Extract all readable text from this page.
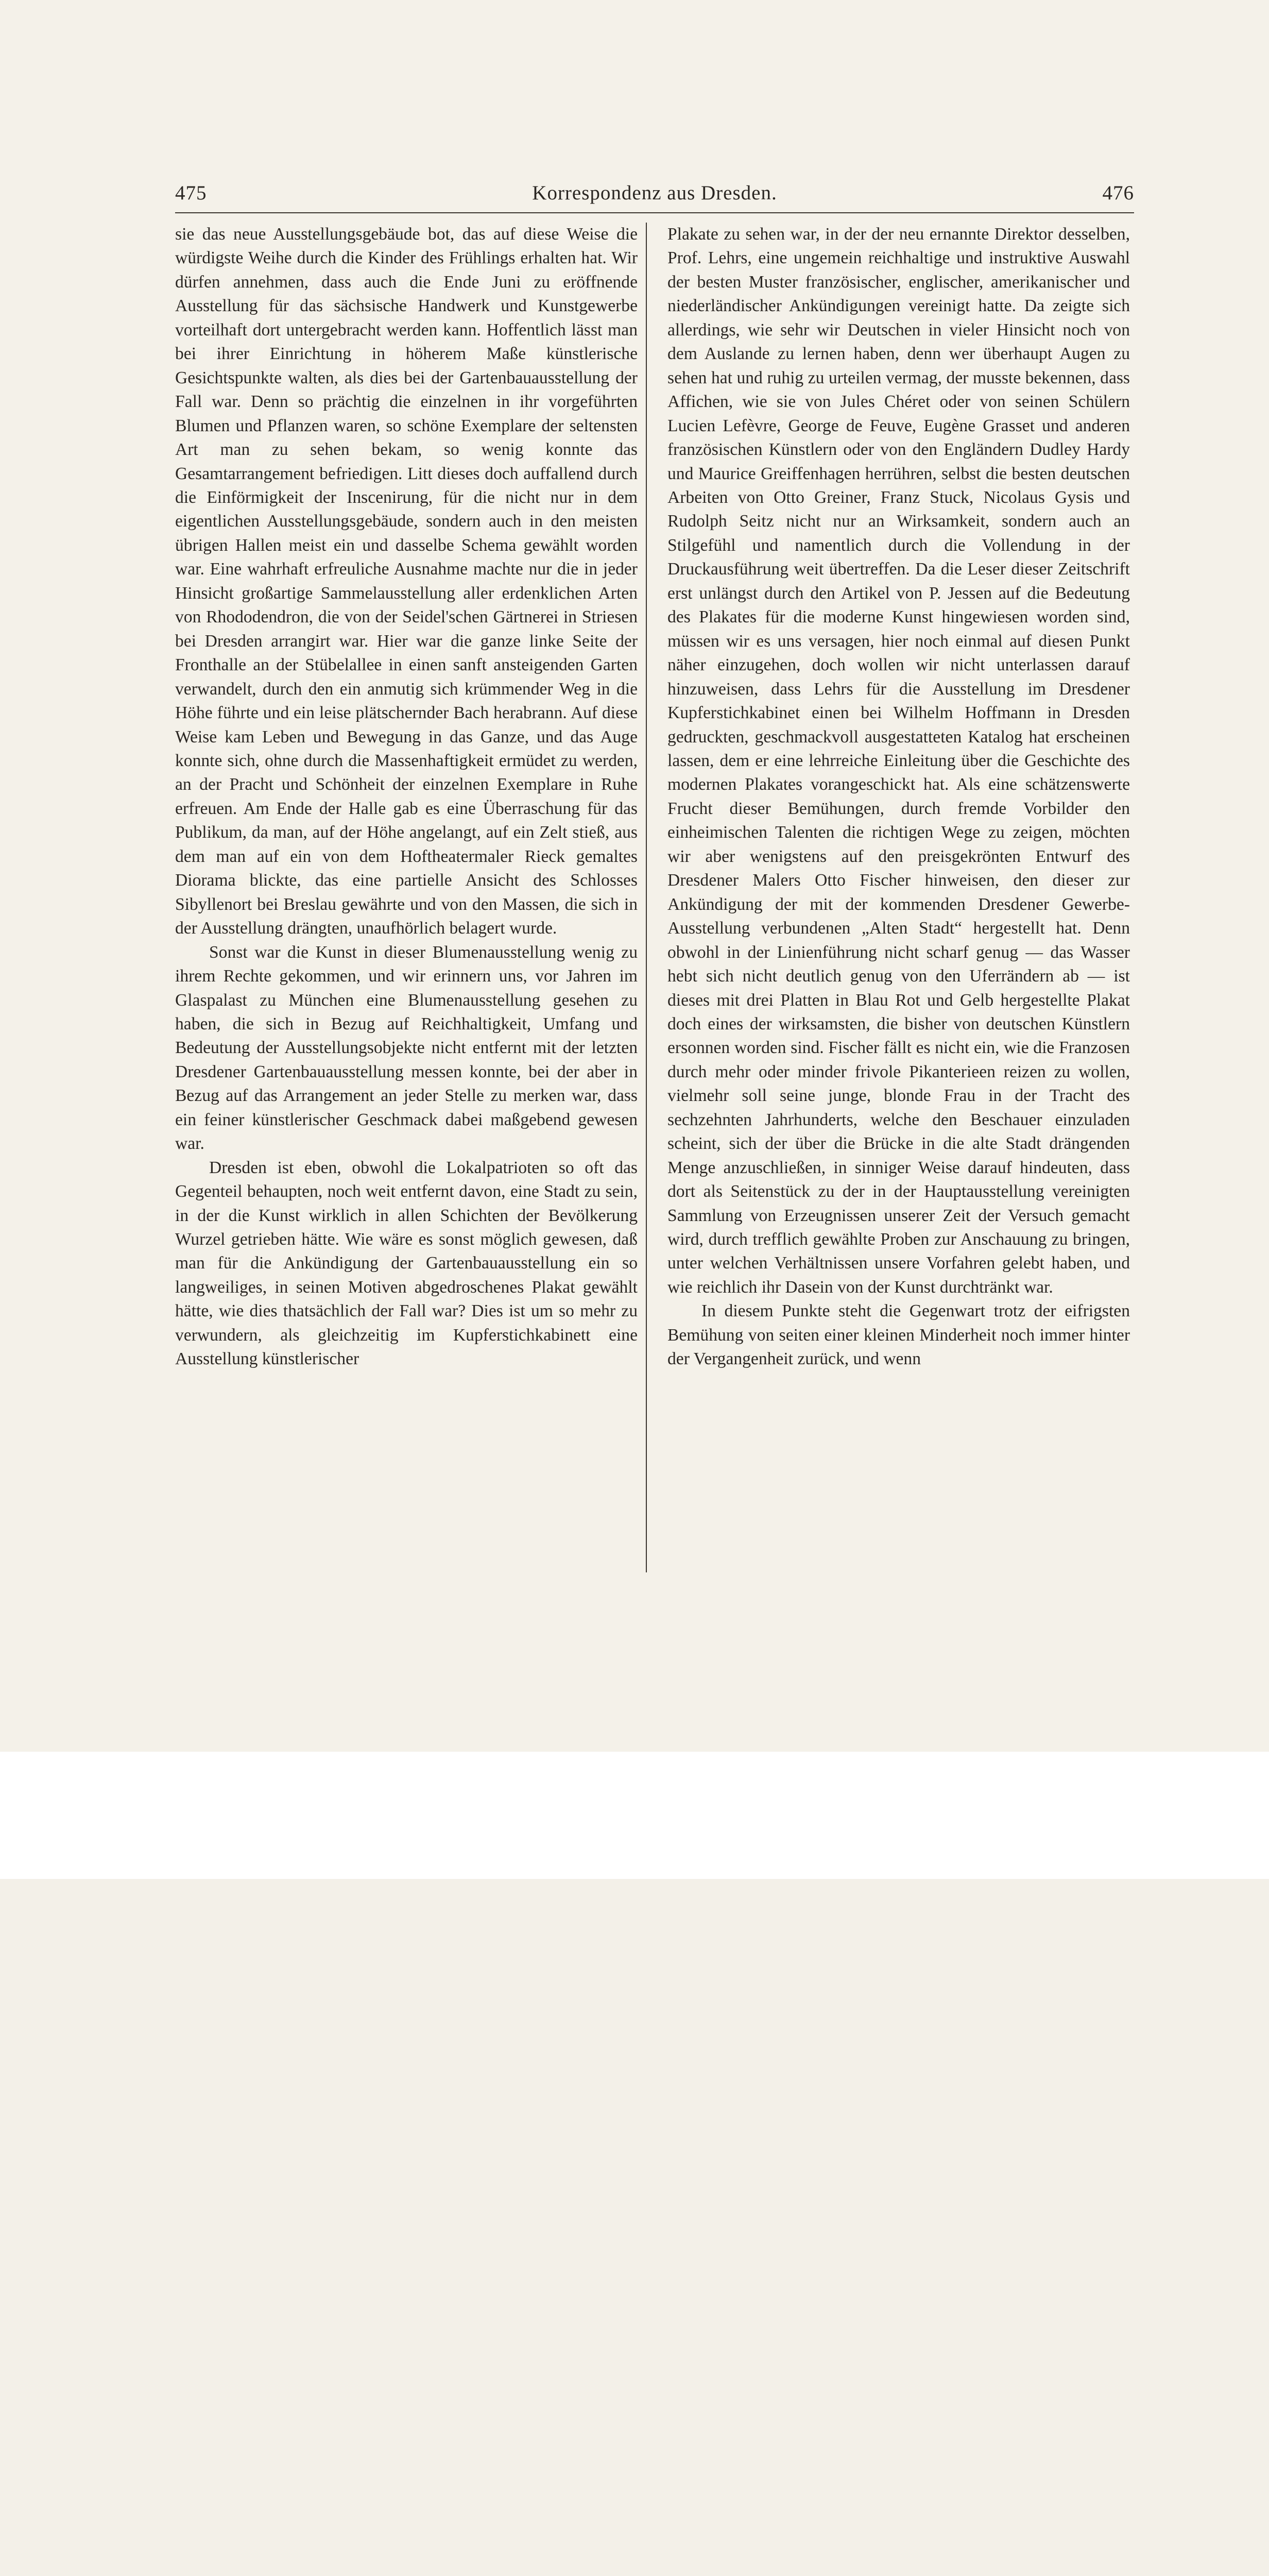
475	Korrespondenz aus Dresden.	476

sie das neue Ausstellungsgebäude bot, das auf diese Weise die würdigste Weihe durch die Kinder des Frühlings erhalten hat. Wir dürfen annehmen, dass auch die Ende Juni zu eröffnende Ausstellung für das sächsische Handwerk und Kunstgewerbe vorteilhaft dort untergebracht werden kann. Hoffentlich lässt man bei ihrer Einrichtung in höherem Maße künstlerische Gesichtspunkte walten, als dies bei der Gartenbauausstellung der Fall war. Denn so prächtig die einzelnen in ihr vorgeführten Blumen und Pflanzen waren, so schöne Exemplare der seltensten Art man zu sehen bekam, so wenig konnte das Gesamtarrangement befriedigen. Litt dieses doch auffallend durch die Einförmigkeit der Inscenirung, für die nicht nur in dem eigentlichen Ausstellungsgebäude, sondern auch in den meisten übrigen Hallen meist ein und dasselbe Schema gewählt worden war. Eine wahrhaft erfreuliche Ausnahme machte nur die in jeder Hinsicht großartige Sammelausstellung aller erdenklichen Arten von Rhododendron, die von der Seidel'schen Gärtnerei in Striesen bei Dresden arrangirt war. Hier war die ganze linke Seite der Fronthalle an der Stübelallee in einen sanft ansteigenden Garten verwandelt, durch den ein anmutig sich krümmender Weg in die Höhe führte und ein leise plätschernder Bach herabrann. Auf diese Weise kam Leben und Bewegung in das Ganze, und das Auge konnte sich, ohne durch die Massenhaftigkeit ermüdet zu werden, an der Pracht und Schönheit der einzelnen Exemplare in Ruhe erfreuen. Am Ende der Halle gab es eine Überraschung für das Publikum, da man, auf der Höhe angelangt, auf ein Zelt stieß, aus dem man auf ein von dem Hoftheatermaler Rieck gemaltes Diorama blickte, das eine partielle Ansicht des Schlosses Sibyllenort bei Breslau gewährte und von den Massen, die sich in der Ausstellung drängten, unaufhörlich belagert wurde.

Sonst war die Kunst in dieser Blumenausstellung wenig zu ihrem Rechte gekommen, und wir erinnern uns, vor Jahren im Glaspalast zu München eine Blumenausstellung gesehen zu haben, die sich in Bezug auf Reichhaltigkeit, Umfang und Bedeutung der Ausstellungsobjekte nicht entfernt mit der letzten Dresdener Gartenbauausstellung messen konnte, bei der aber in Bezug auf das Arrangement an jeder Stelle zu merken war, dass ein feiner künstlerischer Geschmack dabei maßgebend gewesen war.

Dresden ist eben, obwohl die Lokalpatrioten so oft das Gegenteil behaupten, noch weit entfernt davon, eine Stadt zu sein, in der die Kunst wirklich in allen Schichten der Bevölkerung Wurzel getrieben hätte. Wie wäre es sonst möglich gewesen, daß man für die Ankündigung der Gartenbauausstellung ein so langweiliges, in seinen Motiven abgedroschenes Plakat gewählt hätte, wie dies thatsächlich der Fall war? Dies ist um so mehr zu verwundern, als gleichzeitig im Kupferstichkabinett eine Ausstellung künstlerischer

Plakate zu sehen war, in der der neu ernannte Direktor desselben, Prof. Lehrs, eine ungemein reichhaltige und instruktive Auswahl der besten Muster französischer, englischer, amerikanischer und niederländischer Ankündigungen vereinigt hatte. Da zeigte sich allerdings, wie sehr wir Deutschen in vieler Hinsicht noch von dem Auslande zu lernen haben, denn wer überhaupt Augen zu sehen hat und ruhig zu urteilen vermag, der musste bekennen, dass Affichen, wie sie von Jules Chéret oder von seinen Schülern Lucien Lefèvre, George de Feuve, Eugène Grasset und anderen französischen Künstlern oder von den Engländern Dudley Hardy und Maurice Greiffenhagen herrühren, selbst die besten deutschen Arbeiten von Otto Greiner, Franz Stuck, Nicolaus Gysis und Rudolph Seitz nicht nur an Wirksamkeit, sondern auch an Stilgefühl und namentlich durch die Vollendung in der Druckausführung weit übertreffen. Da die Leser dieser Zeitschrift erst unlängst durch den Artikel von P. Jessen auf die Bedeutung des Plakates für die moderne Kunst hingewiesen worden sind, müssen wir es uns versagen, hier noch einmal auf diesen Punkt näher einzugehen, doch wollen wir nicht unterlassen darauf hinzuweisen, dass Lehrs für die Ausstellung im Dresdener Kupferstichkabinet einen bei Wilhelm Hoffmann in Dresden gedruckten, geschmackvoll ausgestatteten Katalog hat erscheinen lassen, dem er eine lehrreiche Einleitung über die Geschichte des modernen Plakates vorangeschickt hat. Als eine schätzenswerte Frucht dieser Bemühungen, durch fremde Vorbilder den einheimischen Talenten die richtigen Wege zu zeigen, möchten wir aber wenigstens auf den preisgekrönten Entwurf des Dresdener Malers Otto Fischer hinweisen, den dieser zur Ankündigung der mit der kommenden Dresdener Gewerbe-Ausstellung verbundenen „Alten Stadt“ hergestellt hat. Denn obwohl in der Linienführung nicht scharf genug — das Wasser hebt sich nicht deutlich genug von den Uferrändern ab — ist dieses mit drei Platten in Blau Rot und Gelb hergestellte Plakat doch eines der wirksamsten, die bisher von deutschen Künstlern ersonnen worden sind. Fischer fällt es nicht ein, wie die Franzosen durch mehr oder minder frivole Pikanterieen reizen zu wollen, vielmehr soll seine junge, blonde Frau in der Tracht des sechzehnten Jahrhunderts, welche den Beschauer einzuladen scheint, sich der über die Brücke in die alte Stadt drängenden Menge anzuschließen, in sinniger Weise darauf hindeuten, dass dort als Seitenstück zu der in der Hauptausstellung vereinigten Sammlung von Erzeugnissen unserer Zeit der Versuch gemacht wird, durch trefflich gewählte Proben zur Anschauung zu bringen, unter welchen Verhältnissen unsere Vorfahren gelebt haben, und wie reichlich ihr Dasein von der Kunst durchtränkt war.

In diesem Punkte steht die Gegenwart trotz der eifrigsten Bemühung von seiten einer kleinen Minderheit noch immer hinter der Vergangenheit zurück, und wenn
